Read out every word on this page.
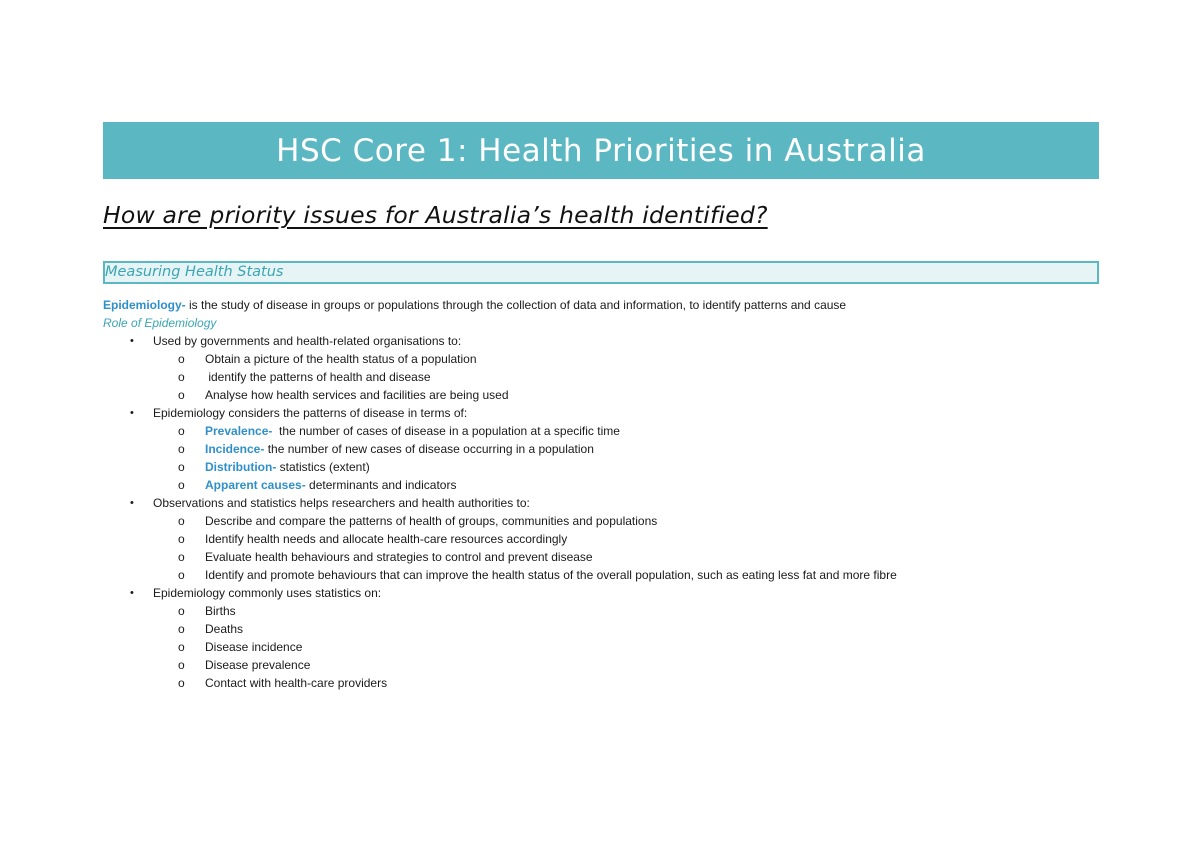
HSC Core 1: Health Priorities in Australia
How are priority issues for Australia’s health identified?
Measuring Health Status
Epidemiology- is the study of disease in groups or populations through the collection of data and information, to identify patterns and cause
Role of Epidemiology
• Used by governments and health-related organisations to:
o Obtain a picture of the health status of a population
o identify the patterns of health and disease
o Analyse how health services and facilities are being used
• Epidemiology considers the patterns of disease in terms of:
o Prevalence-  the number of cases of disease in a population at a specific time
o Incidence- the number of new cases of disease occurring in a population
o Distribution- statistics (extent)
o Apparent causes- determinants and indicators
• Observations and statistics helps researchers and health authorities to:
o Describe and compare the patterns of health of groups, communities and populations
o Identify health needs and allocate health-care resources accordingly
o Evaluate health behaviours and strategies to control and prevent disease
o Identify and promote behaviours that can improve the health status of the overall population, such as eating less fat and more fibre
• Epidemiology commonly uses statistics on:
o Births
o Deaths
o Disease incidence
o Disease prevalence
o Contact with health-care providers
